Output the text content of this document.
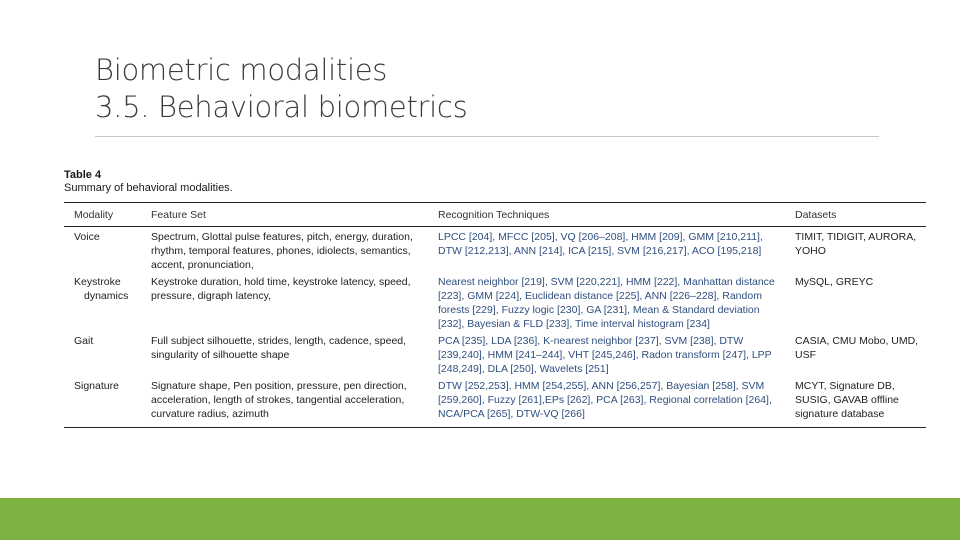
Biometric modalities
3.5. Behavioral biometrics
Table 4
Summary of behavioral modalities.
Modality	Feature Set	Recognition Techniques	Datasets
Voice	Spectrum, Glottal pulse features, pitch, energy, duration, rhythm, temporal features, phones, idiolects, semantics, accent, pronunciation,	LPCC [204], MFCC [205], VQ [206–208], HMM [209], GMM [210,211], DTW [212,213], ANN [214], ICA [215], SVM [216,217], ACO [195,218]	TIMIT, TIDIGIT, AURORA, YOHO
Keystroke
dynamics	Keystroke duration, hold time, keystroke latency, speed, pressure, digraph latency,	Nearest neighbor [219], SVM [220,221], HMM [222], Manhattan distance [223], GMM [224], Euclidean distance [225], ANN [226–228], Random forests [229], Fuzzy logic [230], GA [231], Mean & Standard deviation [232], Bayesian & FLD [233], Time interval histogram [234]	MySQL, GREYC
Gait	Full subject silhouette, strides, length, cadence, speed, singularity of silhouette shape	PCA [235], LDA [236], K-nearest neighbor [237], SVM [238], DTW [239,240], HMM [241–244], VHT [245,246], Radon transform [247], LPP [248,249], DLA [250], Wavelets [251]	CASIA, CMU Mobo, UMD, USF
Signature	Signature shape, Pen position, pressure, pen direction, acceleration, length of strokes, tangential acceleration, curvature radius, azimuth	DTW [252,253], HMM [254,255], ANN [256,257], Bayesian [258], SVM [259,260], Fuzzy [261],EPs [262], PCA [263], Regional correlation [264], NCA/PCA [265], DTW-VQ [266]	MCYT, Signature DB, SUSIG, GAVAB offline signature database
